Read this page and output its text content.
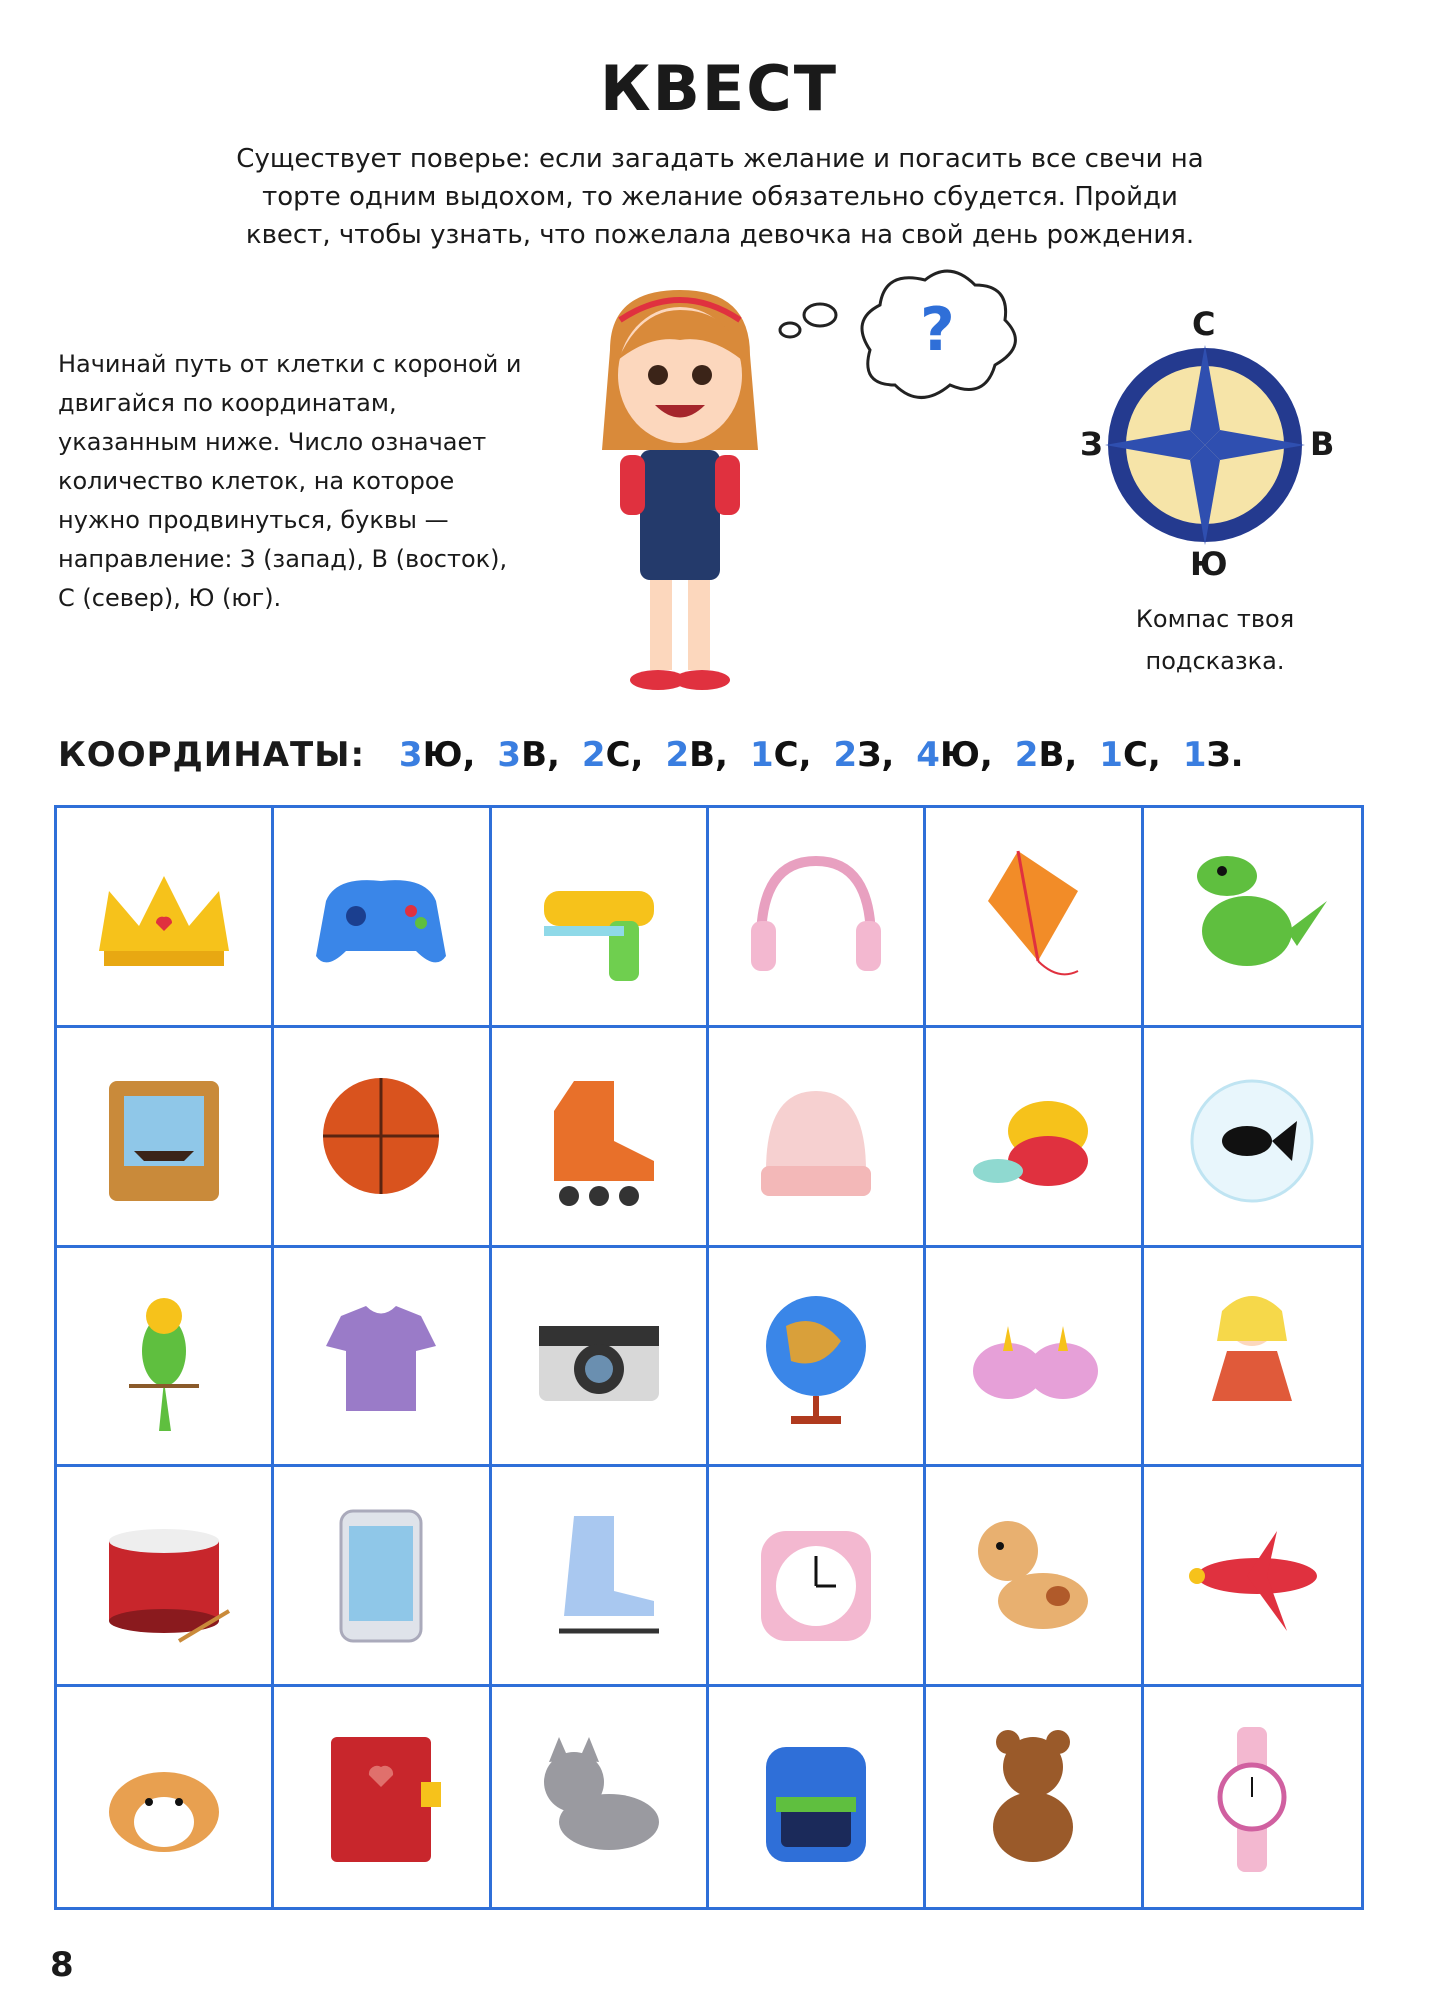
КВЕСТ
Существует поверье: если загадать желание и погасить все свечи на торте одним выдохом, то желание обязательно сбудется. Пройди квест, чтобы узнать, что пожелала девочка на свой день рождения.
Начинай путь от клетки с короной и двигайся по координатам, указанным ниже. Число означает количество клеток, на которое нужно продвинуться, буквы — направление: З (запад), В (восток), С (север), Ю (юг).
?	С
Ю
З	В
Компас твоя подсказка.
КООРДИНАТЫ: 3Ю, 3В, 2С, 2В, 1С, 2З, 4Ю, 2В, 1С, 1З.
8
